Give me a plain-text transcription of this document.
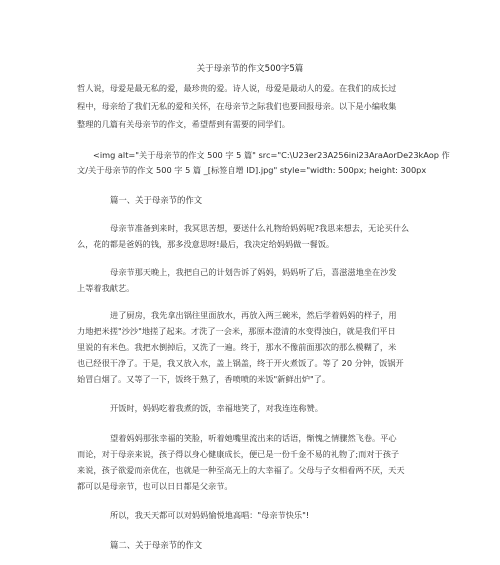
关于母亲节的作文500字5篇
哲人说，母爱是最无私的爱，最珍贵的爱。诗人说，母爱是最动人的爱。在我们的成长过
程中，母亲给了我们无私的爱和关怀，在母亲节之际我们也要回报母亲。以下是小编收集
整理的几篇有关母亲节的作文，希望帮到有需要的同学们。
<img alt="关于母亲节的作文 500 字 5 篇" src="C:\U23er23A256ini23AraAorDe23kAop 作
文/关于母亲节的作文 500 字 5 篇 _[标签自增 ID].jpg" style="width: 500px; height: 300px
篇一、关于母亲节的作文
母亲节准备到来时，我冥思苦想，要送什么礼物给妈妈呢?我思来想去，无论买什么
么，花的都是爸妈的钱，那多没意思呀!最后，我决定给妈妈做一餐饭。
母亲节那天晚上，我把自己的计划告诉了妈妈，妈妈听了后，喜滋滋地坐在沙发
上等着我献艺。
进了厨房，我先拿出锅往里面放水，再放入两三碗米，然后学着妈妈的样子，用
力地把米搓"沙沙"地搓了起来。才洗了一会米，那原本澄清的水变得浊白，就是我们平日
里说的有米色。我把水倒掉后，又洗了一遍。终于，那水不像前面那次的那么模糊了，米
也已经很干净了。于是，我又放入水，盖上锅盖，终于开火煮饭了。等了 20 分钟，饭锅开
始冒白烟了。又等了一下，饭终于熟了，香喷喷的米饭"新鲜出炉"了。
开饭时，妈妈吃着我煮的饭，幸福地笑了，对我连连称赞。
望着妈妈那张幸福的笑脸，听着她嘴里流出来的话语，惭愧之情骤然飞卷。平心
而论，对于母亲来说，孩子得以身心健康成长，便已是一份千金不易的礼物了;而对于孩子
来说，孩子欲爱而亲优在，也就是一种至高无上的大幸福了。父母与子女相看两不厌，天天
都可以是母亲节，也可以日日都是父亲节。
所以，我天天都可以对妈妈愉悦地高唱："母亲节快乐"!
篇二、关于母亲节的作文
